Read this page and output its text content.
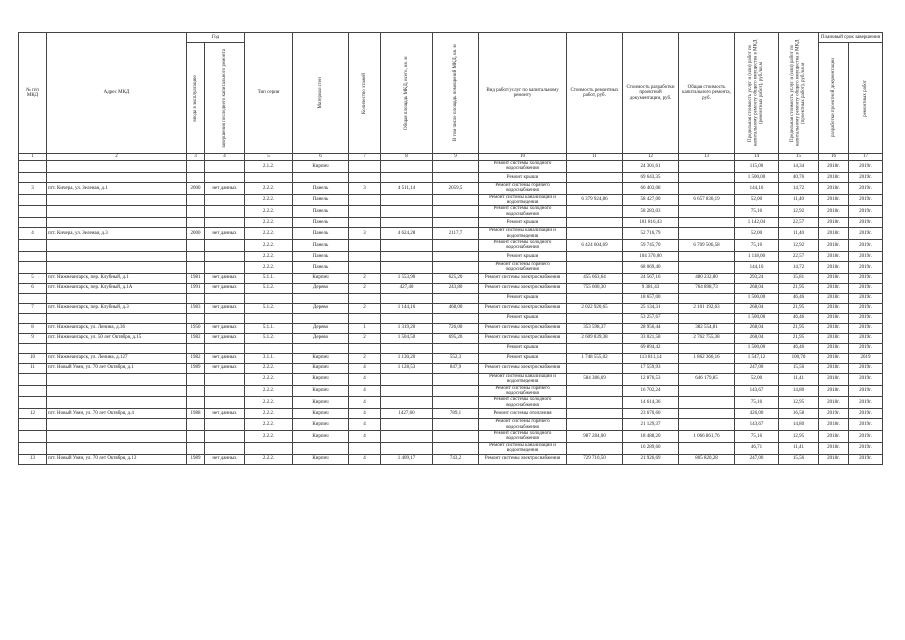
№ п/п МКД	Адрес МКД	Год		Тип серии	Материал стен	Количество этажей	Общая площадь МКД, всего, кв. м	В том числе площадь помещений МКД, кв. м	Вид работ/услуг по капитальному ремонту	Стоимость ремонтных работ, руб.	Стоимость разработки проектной документации, руб.	Общая стоимость капитального ремонта, руб.	Предельная стоимость услуг и (или) работ по капитальному ремонту общего имущества в МКД (ремонтных работ), руб./кв.м	Предельная стоимость услуг и (или) работ по капитальному ремонту общего имущества в МКД (проектных работ), руб./кв.м	Плановый срок завершения	

		ввода в эксплуатацию	завершения последнего капитального ремонта												разработки проектной документации	ремонтных работ

1	2	3	4	5	6	7	8	9	10	11	12	13	14	15	16	17
				2.1.2.	Кирпич				Ремонт системы холодного водоснабжения		24 301,61		115,00	14,34	2018г.	2019г.
									Ремонт крыши		69 643,35		1 500,00	40,76	2018г.	2019г.
3	пгт. Кичера, ул. Зеленая, д.1	2000	нет данных	2.2.2.	Панель	3	4 511,14	2059,5	Ремонт системы горячего водоснабжения		66 403,08		144,16	14,72	2018г.	2019г.
				2.2.2.	Панель				Ремонт системы канализации и водоотведения	6 379 924,86	58 427,00	6 657 836,19	52,00	11,40	2018г.	2019г.
				2.2.2.	Панель				Ремонт системы холодного водоснабжения		58 283,03		75,16	12,92	2018г.	2019г.
				2.2.2.	Панель				Ремонт крыши		101 816,43		1 142,04	22,57	2018г.	2019г.
4	пгт. Кичера, ул. Зеленая, д.3	2000	нет данных	2.2.2.	Панель	3	4 624,28	2117,7	Ремонт системы канализации и водоотведения		52 716,79		52,00	11,40	2018г.	2019г.
				2.2.2.	Панель				Ремонт системы холодного водоснабжения	6 424 604,69	59 745,70	6 709 506,58	75,16	12,92	2018г.	2019г.
				2.2.2.	Панель				Ремонт крыши		104 370,00		1 118,00	22,57	2018г.	2019г.
				2.2.2.	Панель				Ремонт системы горячего водоснабжения		68 069,40		144,16	14,72	2018г.	2019г.
5	пгт. Нижнеангарск, пер. Клубный, д.1	1981	нет данных	5.1.1.	Кирпич	2	1 553,90	625,20	Ремонт системы электроснабжения	455 663,64	24 567,16	480 232,80	293,24	15,81	2018г.	2019г.
6	пгт. Нижнеангарск, пер. Клубный, д.1А	1991	нет данных	5.1.2.	Дерево	2	427,40	243,80	Ремонт системы электроснабжения	755 600,30	9 381,43	764 898,73	268,04	21,95	2018г.	2019г.
									Ремонт крыши		18 657,00		1 500,00	46,46	2018г.	2019г.
7	пгт. Нижнеангарск, пер. Клубный, д.3	1983	нет данных	5.1.2.	Дерево	2	1 144,16	468,00	Ремонт системы электроснабжения	2 022 920,65	25 134,31	2 101 192,63	268,04	21,95	2018г.	2019г.
									Ремонт крыши		53 257,67		1 500,00	46,46	2018г.	2019г.
8	пгт. Нижнеангарск, ул. Ленина, д.36	1950	нет данных	5.1.1.	Дерево	1	1 319,20	726,00	Ремонт системы электроснабжения	353 598,37	28 956,44	382 554,81	268,04	21,95	2018г.	2019г.
9	пгт. Нижнеангарск, ул. 50 лет Октября, д.15	1982	нет данных	5.1.2.	Дерево	2	1 504,50	695,20	Ремонт системы электроснабжения	2 609 839,38	33 021,58	2 762 755,38	268,04	21,95	2018г.	2019г.
									Ремонт крыши		69 894,42		1 500,00	46,46	2018г.	2019г.
10	пгт. Нижнеангарск, ул. Ленина, д.127	1982	нет данных	3.1.1.	Кирпич	2	1 130,20	552,3	Ремонт крыши	1 748 555,02	113 811,14	1 862 366,16	1 547,12	100,70	2018г.	2019
11	пгт. Новый Уоян, ул. 70 лет Октября, д.1	1989	нет данных	2.2.2.	Кирпич	4	1 128,53	847,9	Ремонт системы электроснабжения		17 559,93		247,00	15,56	2018г.	2019г.
				2.2.2.	Кирпич	4			Ремонт системы канализации и водоотведения	584 386,69	12 876,53	646 179,85	52,00	11,41	2018г.	2019г.
				2.2.2.	Кирпич	4			Ремонт системы горячего водоснабжения		16 702,24		143,67	14,80	2018г.	2019г.
				2.2.2.	Кирпич	4			Ремонт системы холодного водоснабжения		14 614,36		75,16	12,95	2018г.	2019г.
12	пгт. Новый Уоян, ул. 70 лет Октября, д.4	1988	нет данных	2.2.2.	Кирпич	4	1427,60	789,1	Ремонт системы отопления		23 670,60		426,00	16,58	2019г.	2019г.
				2.2.2.	Кирпич	4			Ремонт системы горячего водоснабжения		21 129,37		143,67	14,80	2018г.	2019г.
				2.2.2.	Кирпич	4			Ремонт системы холодного водоснабжения	987 284,00	18 488,20	1 066 861,76	75,16	12,95	2018г.	2019г.
									Ремонт системы канализации и водоотведения		16 289,60		46,71	11,41	2018г.	2019г.
13	пгт. Новый Уоян, ул. 70 лет Октября, д.13	1989	нет данных	2.2.2.	Кирпич	4	1 409,17	743,2	Ремонт системы электроснабжения	729 710,50	21 926,69	805 820,28	247,00	15,56	2018г.	2019г.
